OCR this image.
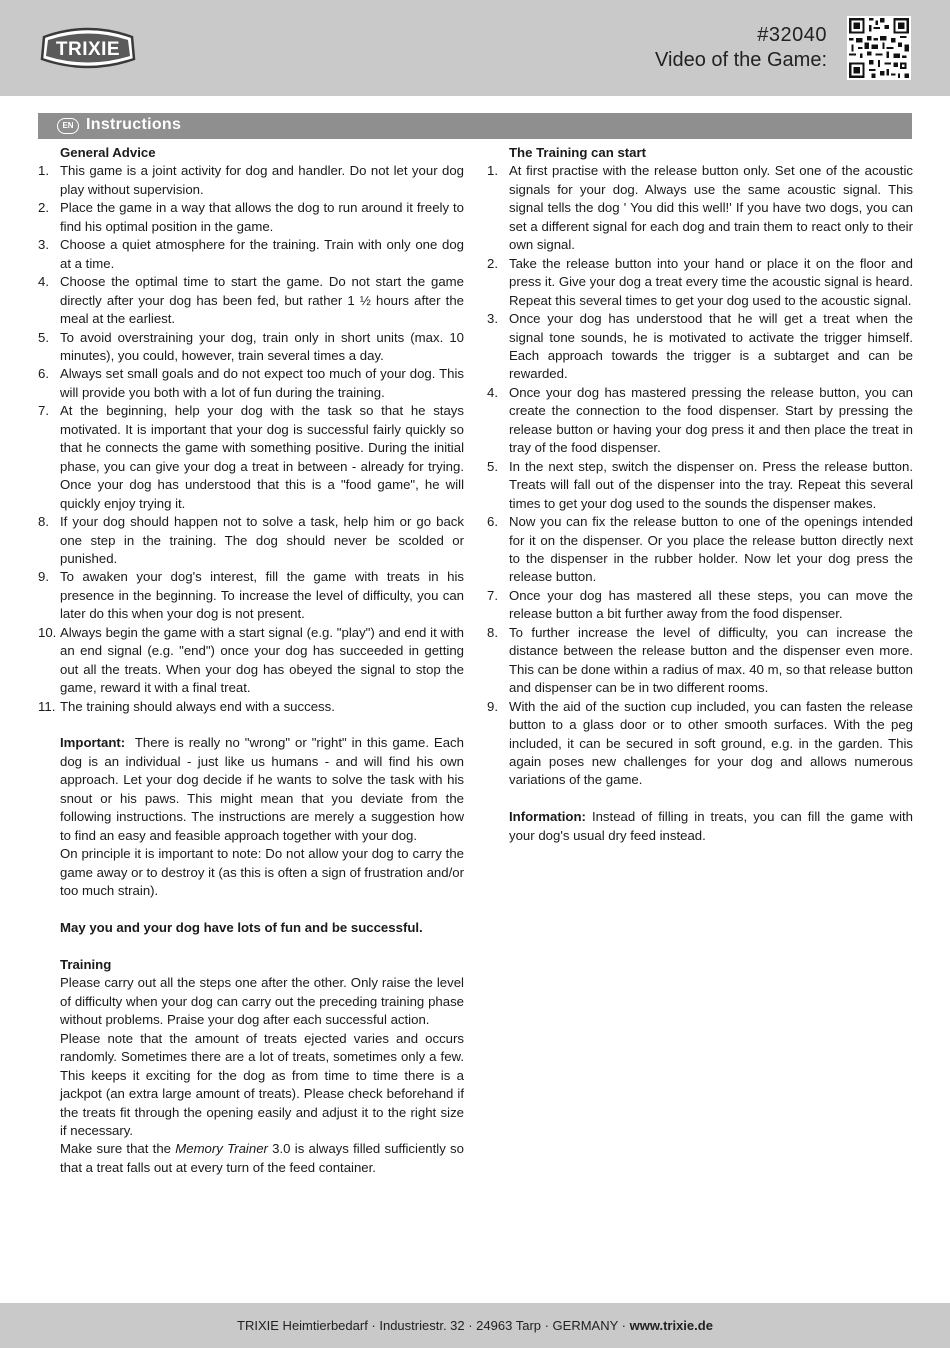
TRIXIE
#32040
Video of the Game:
EN Instructions
General Advice
1. This game is a joint activity for dog and handler. Do not let your dog play without supervision.
2. Place the game in a way that allows the dog to run around it freely to find his optimal position in the game.
3. Choose a quiet atmosphere for the training. Train with only one dog at a time.
4. Choose the optimal time to start the game. Do not start the game directly after your dog has been fed, but rather 1 ½ hours after the meal at the earliest.
5. To avoid overstraining your dog, train only in short units (max. 10 minutes), you could, however, train several times a day.
6. Always set small goals and do not expect too much of your dog. This will provide you both with a lot of fun during the training.
7. At the beginning, help your dog with the task so that he stays motivated. It is important that your dog is successful fairly quickly so that he connects the game with something positive. During the initial phase, you can give your dog a treat in between - already for trying. Once your dog has understood that this is a "food game", he will quickly enjoy trying it.
8. If your dog should happen not to solve a task, help him or go back one step in the training. The dog should never be scolded or punished.
9. To awaken your dog's interest, fill the game with treats in his presence in the beginning. To increase the level of difficulty, you can later do this when your dog is not present.
10. Always begin the game with a start signal (e.g. "play") and end it with an end signal (e.g. "end") once your dog has succeeded in getting out all the treats. When your dog has obeyed the signal to stop the game, reward it with a final treat.
11. The training should always end with a success.
Important: There is really no "wrong" or "right" in this game. Each dog is an individual - just like us humans - and will find his own approach. Let your dog decide if he wants to solve the task with his snout or his paws. This might mean that you deviate from the following instructions. The instructions are merely a suggestion how to find an easy and feasible approach together with your dog.
On principle it is important to note: Do not allow your dog to carry the game away or to destroy it (as this is often a sign of frustration and/or too much strain).
May you and your dog have lots of fun and be successful.
Training
Please carry out all the steps one after the other. Only raise the level of difficulty when your dog can carry out the preceding training phase without problems. Praise your dog after each successful action.
Please note that the amount of treats ejected varies and occurs randomly. Sometimes there are a lot of treats, sometimes only a few. This keeps it exciting for the dog as from time to time there is a jackpot (an extra large amount of treats). Please check beforehand if the treats fit through the opening easily and adjust it to the right size if necessary.
Make sure that the Memory Trainer 3.0 is always filled sufficiently so that a treat falls out at every turn of the feed container.
The Training can start
1. At first practise with the release button only. Set one of the acoustic signals for your dog. Always use the same acoustic signal. This signal tells the dog ' You did this well!' If you have two dogs, you can set a different signal for each dog and train them to react only to their own signal.
2. Take the release button into your hand or place it on the floor and press it. Give your dog a treat every time the acoustic signal is heard. Repeat this several times to get your dog used to the acoustic signal.
3. Once your dog has understood that he will get a treat when the signal tone sounds, he is motivated to activate the trigger himself. Each approach towards the trigger is a subtarget and can be rewarded.
4. Once your dog has mastered pressing the release button, you can create the connection to the food dispenser. Start by pressing the release button or having your dog press it and then place the treat in tray of the food dispenser.
5. In the next step, switch the dispenser on. Press the release button. Treats will fall out of the dispenser into the tray. Repeat this several times to get your dog used to the sounds the dispenser makes.
6. Now you can fix the release button to one of the openings intended for it on the dispenser. Or you place the release button directly next to the dispenser in the rubber holder. Now let your dog press the release button.
7. Once your dog has mastered all these steps, you can move the release button a bit further away from the food dispenser.
8. To further increase the level of difficulty, you can increase the distance between the release button and the dispenser even more. This can be done within a radius of max. 40 m, so that release button and dispenser can be in two different rooms.
9. With the aid of the suction cup included, you can fasten the release button to a glass door or to other smooth surfaces. With the peg included, it can be secured in soft ground, e.g. in the garden. This again poses new challenges for your dog and allows numerous variations of the game.
Information: Instead of filling in treats, you can fill the game with your dog's usual dry feed instead.
TRIXIE Heimtierbedarf · Industriestr. 32 · 24963 Tarp · GERMANY · www.trixie.de
